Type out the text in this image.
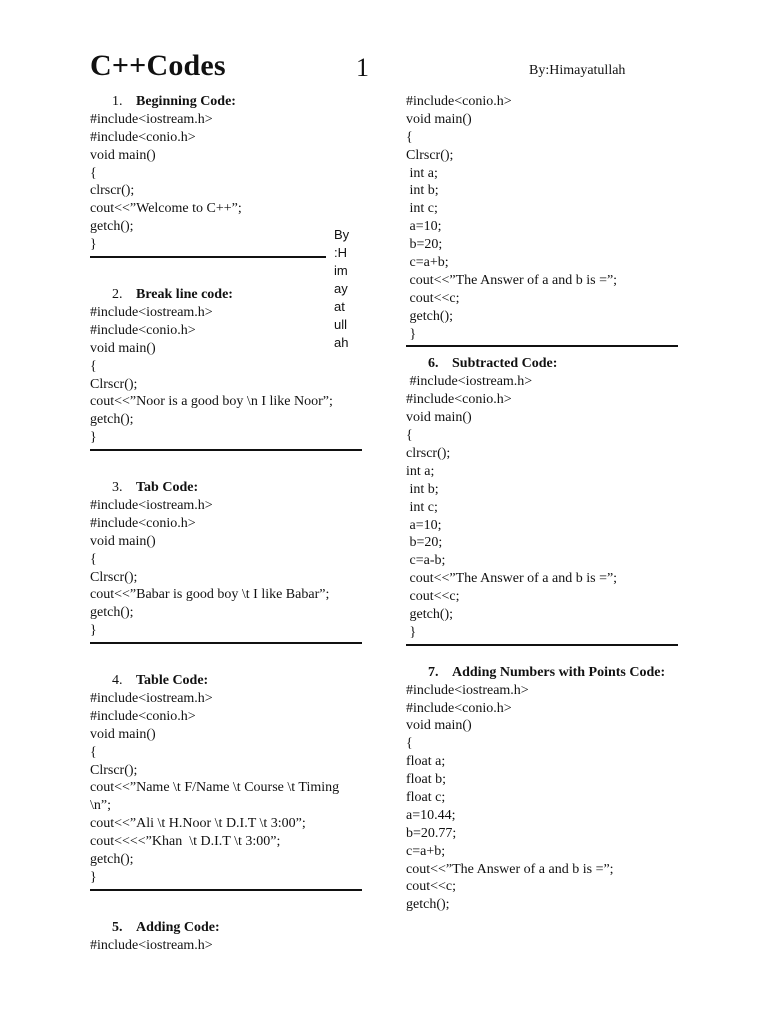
C++Codes	1	By:Himayatullah
By
:H
im
ay
at
ull
ah
1. Beginning Code:
#include<iostream.h>
#include<conio.h>
void main()
{
clrscr();
cout<<”Welcome to C++”;
getch();
}
2. Break line code:
#include<iostream.h>
#include<conio.h>
void main()
{
Clrscr();
cout<<”Noor is a good boy \n I like Noor”;
getch();
}
3. Tab Code:
#include<iostream.h>
#include<conio.h>
void main()
{
Clrscr();
cout<<”Babar is good boy \t I like Babar”;
getch();
}
4. Table Code:
#include<iostream.h>
#include<conio.h>
void main()
{
Clrscr();
cout<<”Name \t F/Name \t Course \t Timing \n”;
cout<<”Ali \t H.Noor \t D.I.T \t 3:00”;
cout<<<<”Khan  \t D.I.T \t 3:00”;
getch();
}
5. Adding Code:
#include<iostream.h>
#include<conio.h>
void main()
{
Clrscr();
int a;
int b;
int c;
a=10;
b=20;
c=a+b;
cout<<”The Answer of a and b is =”;
cout<<c;
getch();
}
6. Subtracted Code:
#include<iostream.h>
#include<conio.h>
void main()
{
clrscr();
int a;
int b;
int c;
a=10;
b=20;
c=a-b;
cout<<”The Answer of a and b is =”;
cout<<c;
getch();
}
7. Adding Numbers with Points Code:
#include<iostream.h>
#include<conio.h>
void main()
{
float a;
float b;
float c;
a=10.44;
b=20.77;
c=a+b;
cout<<”The Answer of a and b is =”;
cout<<c;
getch();
